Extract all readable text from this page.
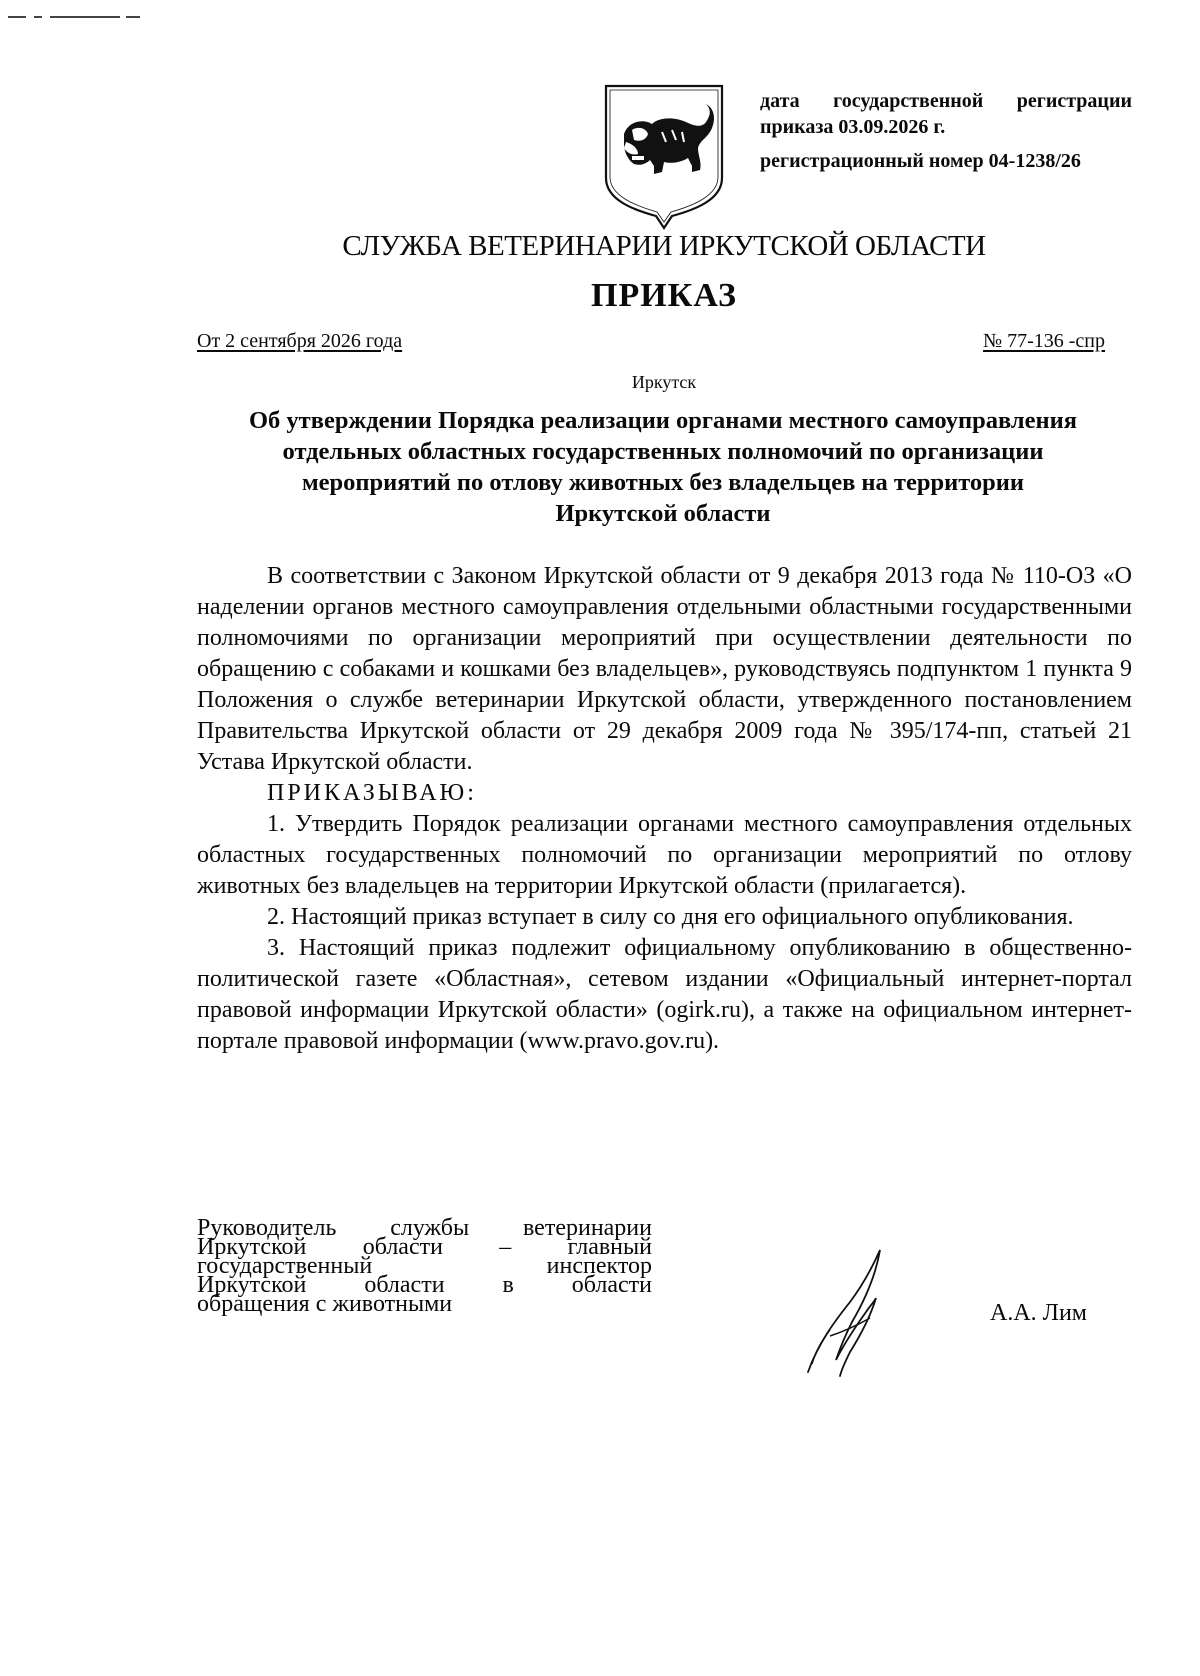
дата государственной регистрации
приказа 03.09.2026 г.
регистрационный номер 04-1238/26
СЛУЖБА ВЕТЕРИНАРИИ ИРКУТСКОЙ ОБЛАСТИ
ПРИКАЗ
От 2 сентября 2026 года	№ 77-136 -спр
Иркутск
Об утверждении Порядка реализации органами местного самоуправления
отдельных областных государственных полномочий по организации
мероприятий по отлову животных без владельцев на территории
Иркутской области

В соответствии с Законом Иркутской области от 9 декабря 2013 года № 110-ОЗ «О наделении органов местного самоуправления отдельными областными государственными полномочиями по организации мероприятий при осуществлении деятельности по обращению с собаками и кошками без владельцев», руководствуясь подпунктом 1 пункта 9 Положения о службе ветеринарии Иркутской области, утвержденного постановлением Правительства Иркутской области от 29 декабря 2009 года № 395/174-пп, статьей 21 Устава Иркутской области.

ПРИКАЗЫВАЮ:

1. Утвердить Порядок реализации органами местного самоуправления отдельных областных государственных полномочий по организации мероприятий по отлову животных без владельцев на территории Иркутской области (прилагается).

2. Настоящий приказ вступает в силу со дня его официального опубликования.

3. Настоящий приказ подлежит официальному опубликованию в общественно-политической газете «Областная», сетевом издании «Официальный интернет-портал правовой информации Иркутской области» (ogirk.ru), а также на официальном интернет-портале правовой информации (www.pravo.gov.ru).

Руководитель службы ветеринарии
Иркутской области – главный
государственный инспектор
Иркутской области в области
обращения с животными	А.А. Лим
